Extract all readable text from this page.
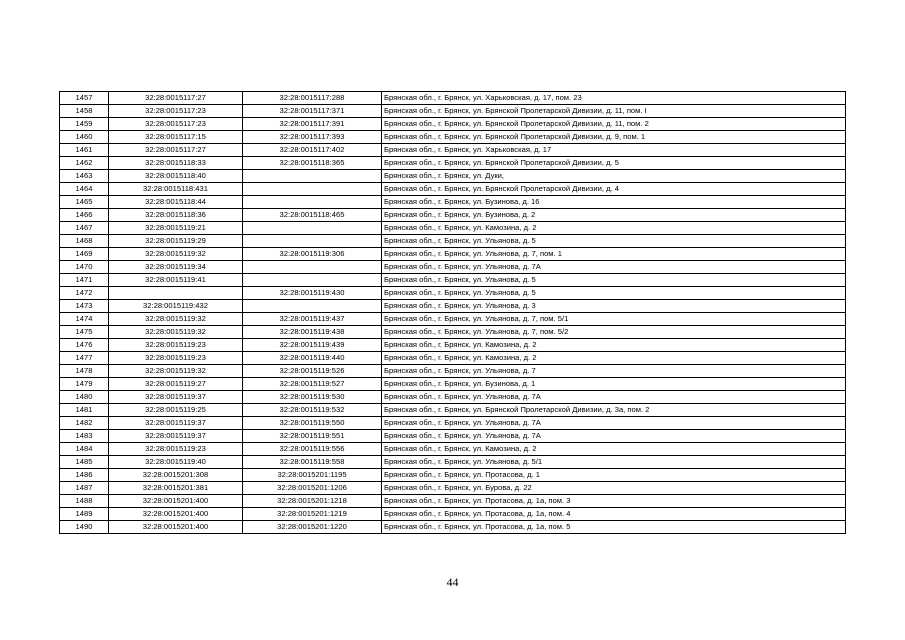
1457	32:28:0015117:27	32:28:0015117:288	Брянская обл., г. Брянск, ул. Харьковская, д. 17, пом. 23
1458	32:28:0015117:23	32:28:0015117:371	Брянская обл., г. Брянск, ул. Брянской Пролетарской Дивизии, д. 11, пом. I
1459	32:28:0015117:23	32:28:0015117:391	Брянская обл., г. Брянск, ул. Брянской Пролетарской Дивизии, д. 11, пом. 2
1460	32:28:0015117:15	32:28:0015117:393	Брянская обл., г. Брянск, ул. Брянской Пролетарской Дивизии, д. 9, пом. 1
1461	32:28:0015117:27	32:28:0015117:402	Брянская обл., г. Брянск, ул. Харьковская, д. 17
1462	32:28:0015118:33	32:28:0015118:365	Брянская обл., г. Брянск, ул. Брянской Пролетарской Дивизии, д. 5
1463	32:28:0015118:40		Брянская обл., г. Брянск, ул. Дуки,
1464	32:28:0015118:431		Брянская обл., г. Брянск, ул. Брянской Пролетарской Дивизии, д. 4
1465	32:28:0015118:44		Брянская обл., г. Брянск, ул. Бузинова, д. 16
1466	32:28:0015118:36	32:28:0015118:465	Брянская обл., г. Брянск, ул. Бузинова, д. 2
1467	32:28:0015119:21		Брянская обл., г. Брянск, ул. Камозина, д. 2
1468	32:28:0015119:29		Брянская обл., г. Брянск, ул. Ульянова, д. 5
1469	32:28:0015119:32	32:28:0015119:306	Брянская обл., г. Брянск, ул. Ульянова, д. 7, пом. 1
1470	32:28:0015119:34		Брянская обл., г. Брянск, ул. Ульянова, д. 7А
1471	32:28:0015119:41		Брянская обл., г. Брянск, ул. Ульянова, д. 5
1472		32:28:0015119:430	Брянская обл., г. Брянск, ул. Ульянова, д. 5
1473	32:28:0015119:432		Брянская обл., г. Брянск, ул. Ульянова, д. 3
1474	32:28:0015119:32	32:28:0015119:437	Брянская обл., г. Брянск, ул. Ульянова, д. 7, пом. 5/1
1475	32:28:0015119:32	32:28:0015119:438	Брянская обл., г. Брянск, ул. Ульянова, д. 7, пом. 5/2
1476	32:28:0015119:23	32:28:0015119:439	Брянская обл., г. Брянск, ул. Камозина, д. 2
1477	32:28:0015119:23	32:28:0015119:440	Брянская обл., г. Брянск, ул. Камозина, д. 2
1478	32:28:0015119:32	32:28:0015119:526	Брянская обл., г. Брянск, ул. Ульянова, д. 7
1479	32:28:0015119:27	32:28:0015119:527	Брянская обл., г. Брянск, ул. Бузинова, д. 1
1480	32:28:0015119:37	32:28:0015119:530	Брянская обл., г. Брянск, ул. Ульянова, д. 7А
1481	32:28:0015119:25	32:28:0015119:532	Брянская обл., г. Брянск, ул. Брянской Пролетарской Дивизии, д. 3а, пом. 2
1482	32:28:0015119:37	32:28:0015119:550	Брянская обл., г. Брянск, ул. Ульянова, д. 7А
1483	32:28:0015119:37	32:28:0015119:551	Брянская обл., г. Брянск, ул. Ульянова, д. 7А
1484	32:28:0015119:23	32:28:0015119:556	Брянская обл., г. Брянск, ул. Камозина, д. 2
1485	32:28:0015119:40	32:28:0015119:558	Брянская обл., г. Брянск, ул. Ульянова, д. 5/1
1486	32:28:0015201:308	32:28:0015201:1195	Брянская обл., г. Брянск, ул. Протасова, д. 1
1487	32:28:0015201:381	32:28:0015201:1206	Брянская обл., г. Брянск, ул. Бурова, д. 22
1488	32:28:0015201:400	32:28:0015201:1218	Брянская обл., г. Брянск, ул. Протасова, д. 1а, пом. 3
1489	32:28:0015201:400	32:28:0015201:1219	Брянская обл., г. Брянск, ул. Протасова, д. 1а, пом. 4
1490	32:28:0015201:400	32:28:0015201:1220	Брянская обл., г. Брянск, ул. Протасова, д. 1а, пом. 5
44
